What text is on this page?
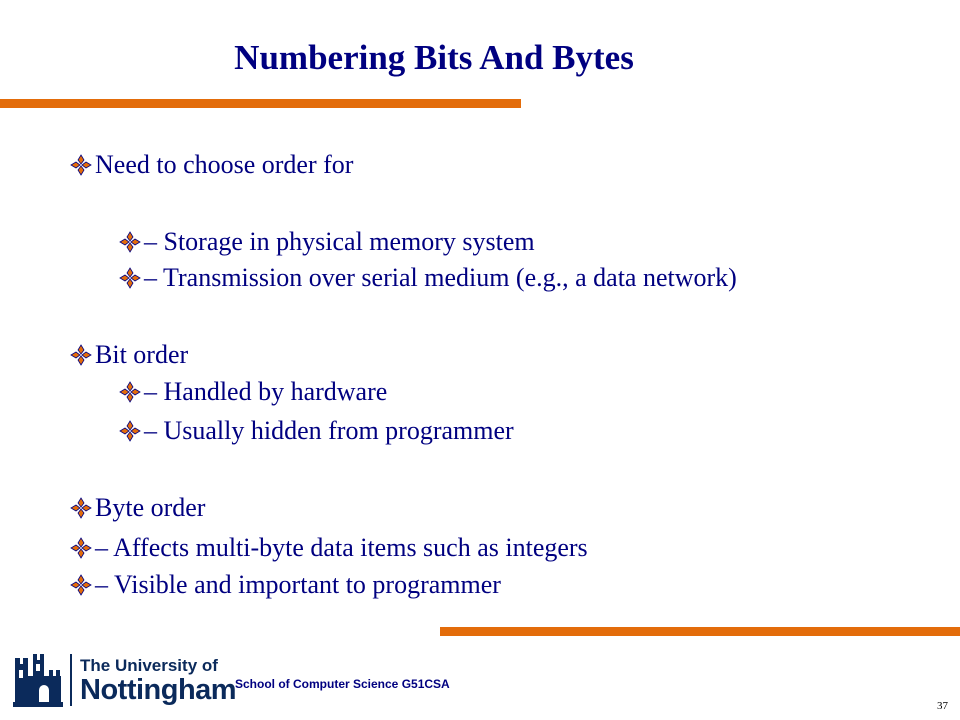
Numbering Bits And Bytes
Need to choose order for
– Storage in physical memory system
– Transmission over serial medium (e.g., a data network)
Bit order
– Handled by hardware
– Usually hidden from programmer
Byte order
– Affects multi-byte data items such as integers
– Visible and important to programmer
The University of
Nottingham
School of Computer Science G51CSA
37
